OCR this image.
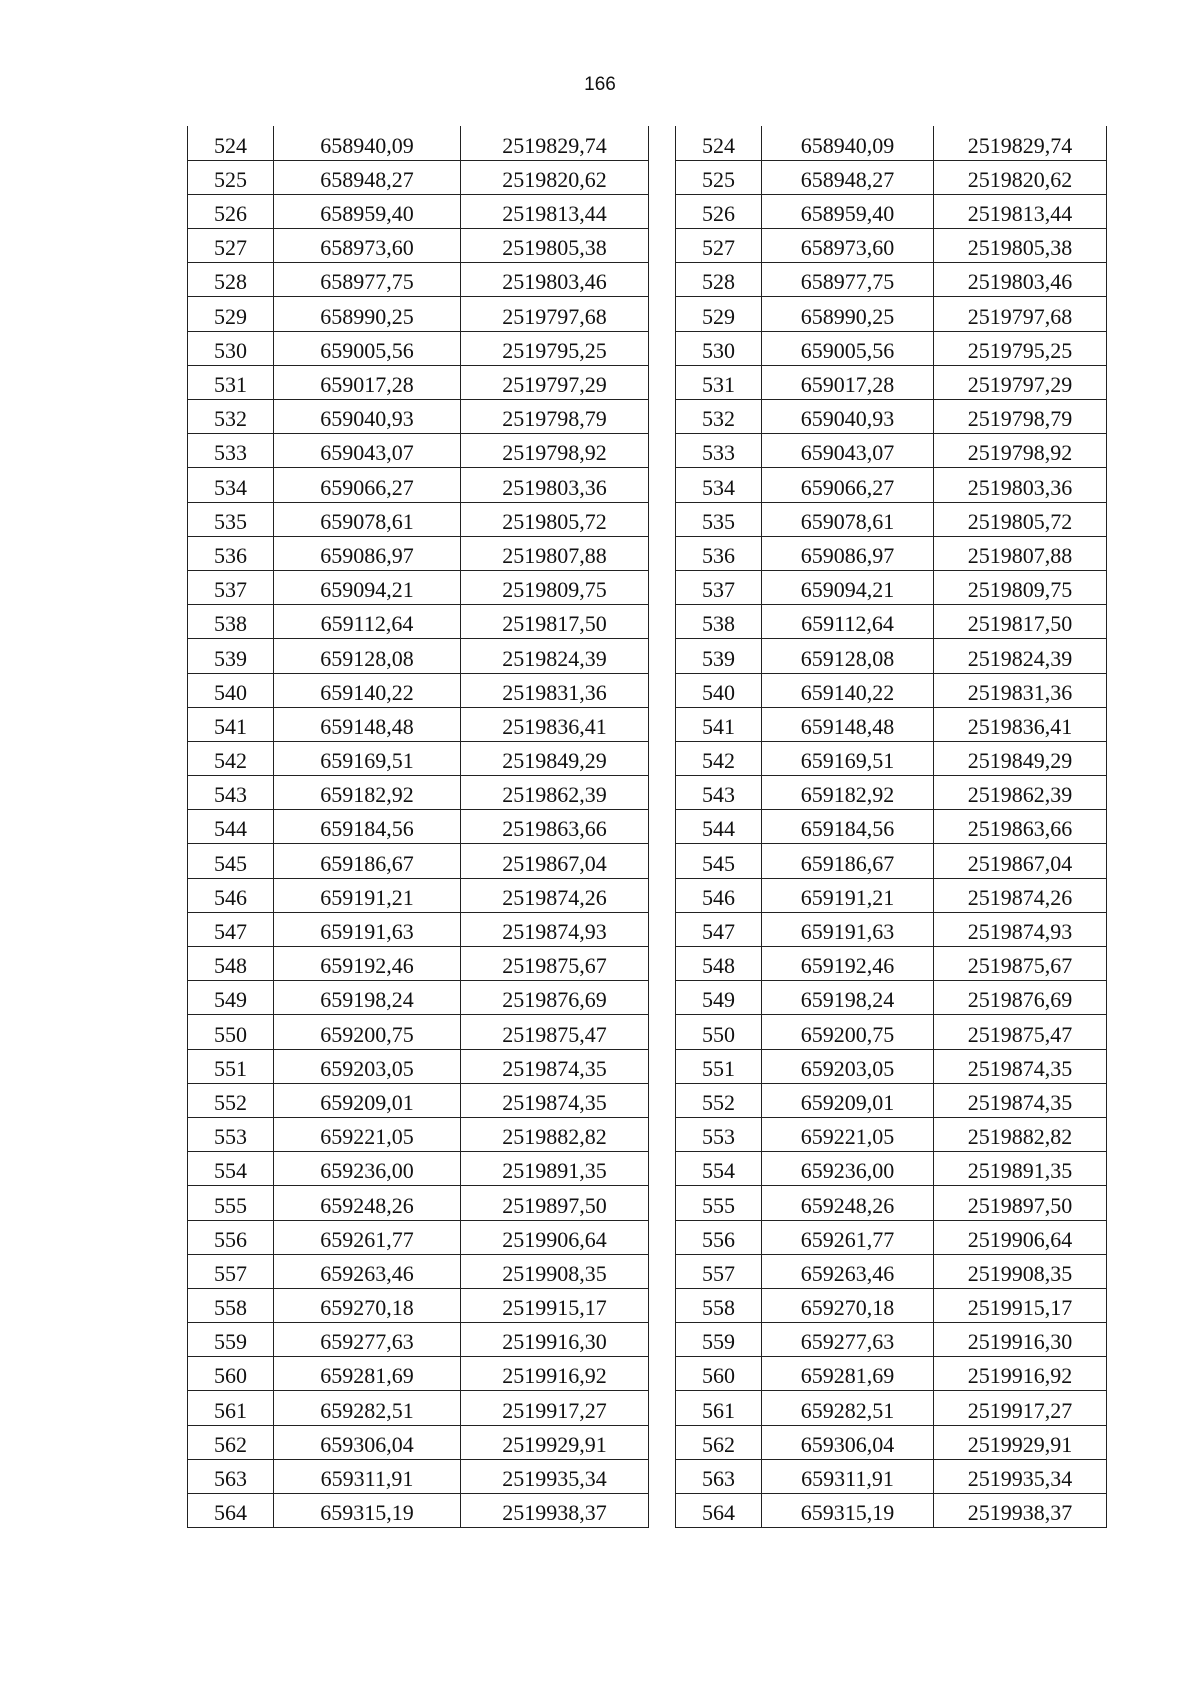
166
524	658940,09	2519829,74
525	658948,27	2519820,62
526	658959,40	2519813,44
527	658973,60	2519805,38
528	658977,75	2519803,46
529	658990,25	2519797,68
530	659005,56	2519795,25
531	659017,28	2519797,29
532	659040,93	2519798,79
533	659043,07	2519798,92
534	659066,27	2519803,36
535	659078,61	2519805,72
536	659086,97	2519807,88
537	659094,21	2519809,75
538	659112,64	2519817,50
539	659128,08	2519824,39
540	659140,22	2519831,36
541	659148,48	2519836,41
542	659169,51	2519849,29
543	659182,92	2519862,39
544	659184,56	2519863,66
545	659186,67	2519867,04
546	659191,21	2519874,26
547	659191,63	2519874,93
548	659192,46	2519875,67
549	659198,24	2519876,69
550	659200,75	2519875,47
551	659203,05	2519874,35
552	659209,01	2519874,35
553	659221,05	2519882,82
554	659236,00	2519891,35
555	659248,26	2519897,50
556	659261,77	2519906,64
557	659263,46	2519908,35
558	659270,18	2519915,17
559	659277,63	2519916,30
560	659281,69	2519916,92
561	659282,51	2519917,27
562	659306,04	2519929,91
563	659311,91	2519935,34
564	659315,19	2519938,37
524	658940,09	2519829,74
525	658948,27	2519820,62
526	658959,40	2519813,44
527	658973,60	2519805,38
528	658977,75	2519803,46
529	658990,25	2519797,68
530	659005,56	2519795,25
531	659017,28	2519797,29
532	659040,93	2519798,79
533	659043,07	2519798,92
534	659066,27	2519803,36
535	659078,61	2519805,72
536	659086,97	2519807,88
537	659094,21	2519809,75
538	659112,64	2519817,50
539	659128,08	2519824,39
540	659140,22	2519831,36
541	659148,48	2519836,41
542	659169,51	2519849,29
543	659182,92	2519862,39
544	659184,56	2519863,66
545	659186,67	2519867,04
546	659191,21	2519874,26
547	659191,63	2519874,93
548	659192,46	2519875,67
549	659198,24	2519876,69
550	659200,75	2519875,47
551	659203,05	2519874,35
552	659209,01	2519874,35
553	659221,05	2519882,82
554	659236,00	2519891,35
555	659248,26	2519897,50
556	659261,77	2519906,64
557	659263,46	2519908,35
558	659270,18	2519915,17
559	659277,63	2519916,30
560	659281,69	2519916,92
561	659282,51	2519917,27
562	659306,04	2519929,91
563	659311,91	2519935,34
564	659315,19	2519938,37
